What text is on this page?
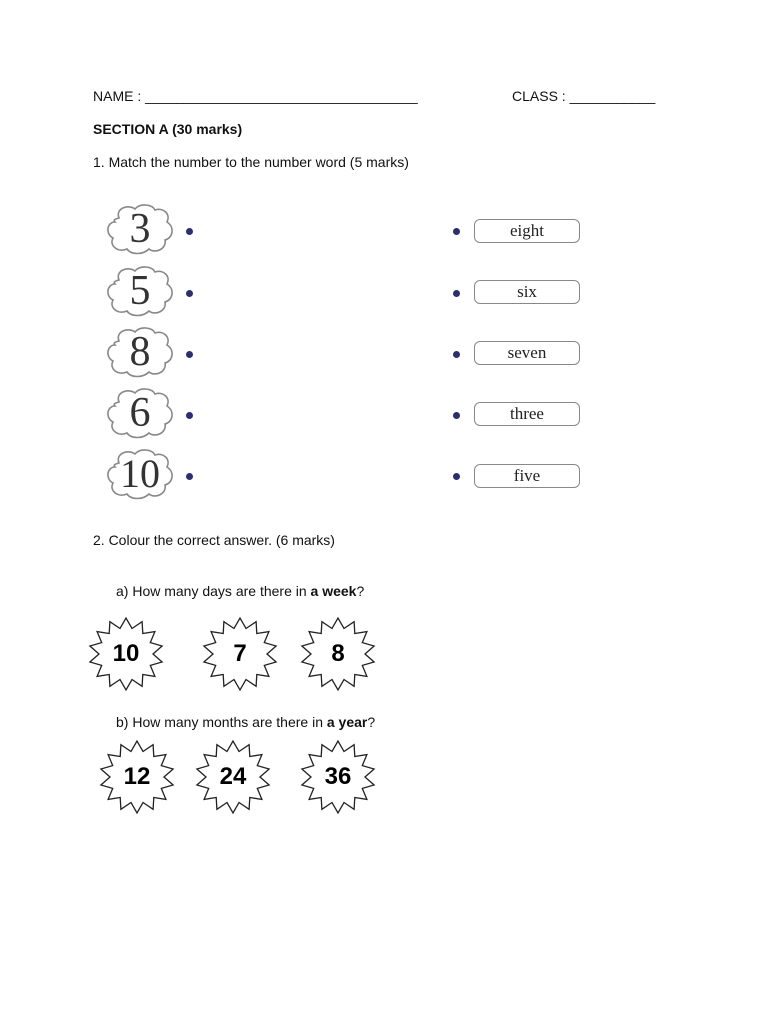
NAME : ___________________________________	CLASS : ___________
SECTION A (30 marks)
1. Match the number to the number word (5 marks)
3
5
8
6
10
eight
six
seven
three
five
2. Colour the correct answer. (6 marks)
a) How many days are there in a week?
10	7	8
b) How many months are there in a year?
12	24	36
